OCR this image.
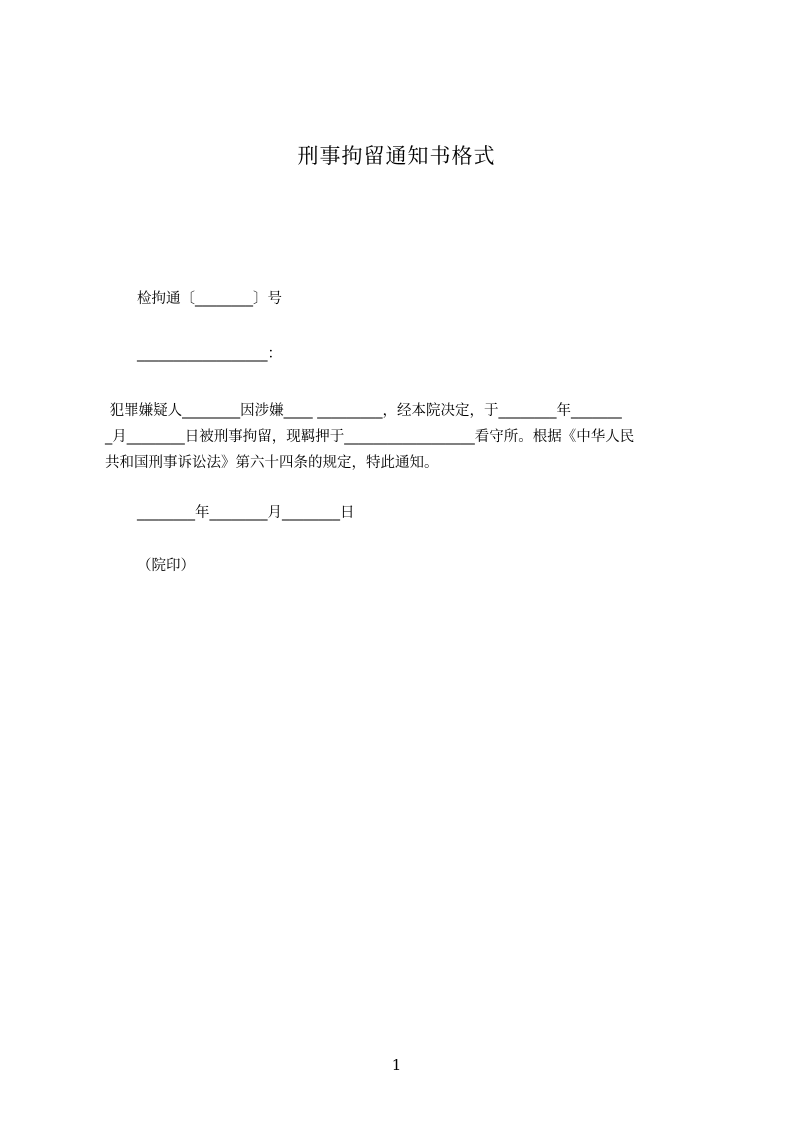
刑事拘留通知书格式
检拘通〔________〕号
__________________：
犯罪嫌疑人________因涉嫌____ _________，经本院决定，于________年_______
_月________日被刑事拘留，现羁押于__________________看守所。根据《中华人民
共和国刑事诉讼法》第六十四条的规定，特此通知。
________年________月________日
（院印）
1
